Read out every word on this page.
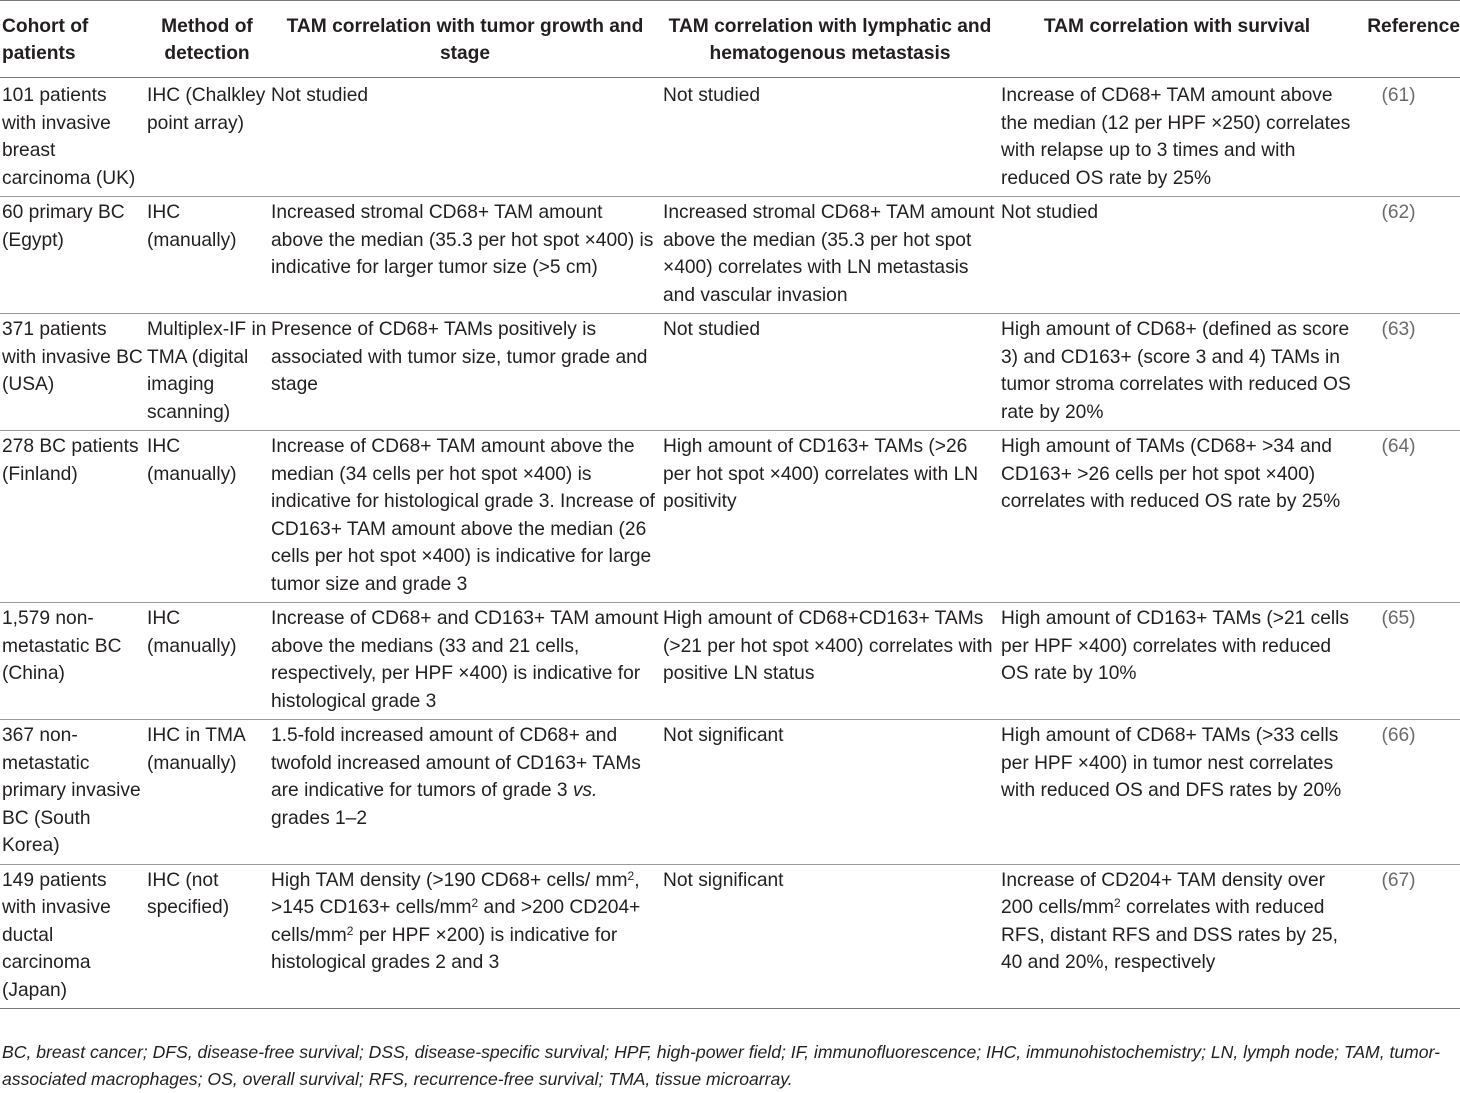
Cohort of patients	Method of detection	TAM correlation with tumor growth and stage	TAM correlation with lymphatic and hematogenous metastasis	TAM correlation with survival	Reference
101 patients with invasive breast carcinoma (UK)	IHC (Chalkley point array)	Not studied	Not studied	Increase of CD68+ TAM amount above the median (12 per HPF ×250) correlates with relapse up to 3 times and with reduced OS rate by 25%	(61)
60 primary BC (Egypt)	IHC (manually)	Increased stromal CD68+ TAM amount above the median (35.3 per hot spot ×400) is indicative for larger tumor size (>5 cm)	Increased stromal CD68+ TAM amount above the median (35.3 per hot spot ×400) correlates with LN metastasis and vascular invasion	Not studied	(62)
371 patients with invasive BC (USA)	Multiplex-IF in TMA (digital imaging scanning)	Presence of CD68+ TAMs positively is associated with tumor size, tumor grade and stage	Not studied	High amount of CD68+ (defined as score 3) and CD163+ (score 3 and 4) TAMs in tumor stroma correlates with reduced OS rate by 20%	(63)
278 BC patients (Finland)	IHC (manually)	Increase of CD68+ TAM amount above the median (34 cells per hot spot ×400) is indicative for histological grade 3. Increase of CD163+ TAM amount above the median (26 cells per hot spot ×400) is indicative for large tumor size and grade 3	High amount of CD163+ TAMs (>26 per hot spot ×400) correlates with LN positivity	High amount of TAMs (CD68+ >34 and CD163+ >26 cells per hot spot ×400) correlates with reduced OS rate by 25%	(64)
1,579 non-metastatic BC (China)	IHC (manually)	Increase of CD68+ and CD163+ TAM amount above the medians (33 and 21 cells, respectively, per HPF ×400) is indicative for histological grade 3	High amount of CD68+CD163+ TAMs (>21 per hot spot ×400) correlates with positive LN status	High amount of CD163+ TAMs (>21 cells per HPF ×400) correlates with reduced OS rate by 10%	(65)
367 non-metastatic primary invasive BC (South Korea)	IHC in TMA (manually)	1.5-fold increased amount of CD68+ and twofold increased amount of CD163+ TAMs are indicative for tumors of grade 3 vs. grades 1–2	Not significant	High amount of CD68+ TAMs (>33 cells per HPF ×400) in tumor nest correlates with reduced OS and DFS rates by 20%	(66)
149 patients with invasive ductal carcinoma (Japan)	IHC (not specified)	High TAM density (>190 CD68+ cells/ $mm^2$, >145 CD163+ cells/$mm^2$ and >200 CD204+ cells/$mm^2$ per HPF ×200) is indicative for histological grades 2 and 3	Not significant	Increase of CD204+ TAM density over 200 cells/$mm^2$ correlates with reduced RFS, distant RFS and DSS rates by 25, 40 and 20%, respectively	(67)
BC, breast cancer; DFS, disease-free survival; DSS, disease-specific survival; HPF, high-power field; IF, immunofluorescence; IHC, immunohistochemistry; LN, lymph node; TAM, tumor-associated macrophages; OS, overall survival; RFS, recurrence-free survival; TMA, tissue microarray.
